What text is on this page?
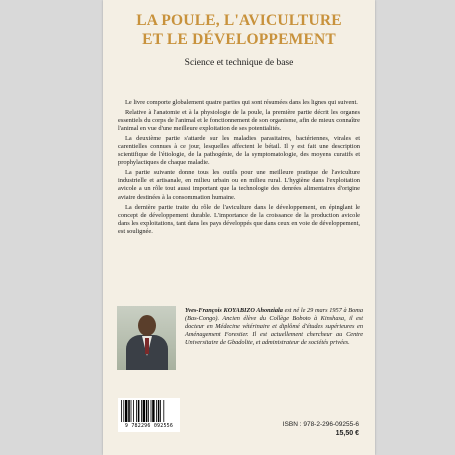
LA POULE, L'AVICULTURE
ET LE DÉVELOPPEMENT
Science et technique de base

Le livre comporte globalement quatre parties qui sont résumées dans les lignes qui suivent.

Relative à l'anatomie et à la physiologie de la poule, la première partie décrit les organes essentiels du corps de l'animal et le fonctionnement de son organisme, afin de mieux connaître l'animal en vue d'une meilleure exploitation de ses potentialités.

La deuxième partie s'attarde sur les maladies parasitaires, bactériennes, virales et carentielles connues à ce jour, lesquelles affectent le bétail. Il y est fait une description scientifique de l'étiologie, de la pathogénie, de la symptomatologie, des moyens curatifs et prophylactiques de chaque maladie.

La partie suivante donne tous les outils pour une meilleure pratique de l'aviculture industrielle et artisanale, en milieu urbain ou en milieu rural. L'hygiène dans l'exploitation avicole a un rôle tout aussi important que la technologie des denrées alimentaires d'origine aviaire destinées à la consommation humaine.

La dernière partie traite du rôle de l'aviculture dans le développement, en épinglant le concept de développement durable. L'importance de la croissance de la production avicole dans les exploitations, tant dans les pays développés que dans ceux en voie de développement, est soulignée.

Yves-François KOYABIZO Ahonziala est né le 29 mars 1957 à Boma (Bas-Congo). Ancien élève du Collège Boboto à Kinshasa, il est docteur en Médecine vétérinaire et diplômé d'études supérieures en Aménagement Forestier. Il est actuellement chercheur au Centre Universitaire de Gbadolite, et administrateur de sociétés privées.
9 782296 092556	ISBN : 978-2-296-09255-6
15,50 €
